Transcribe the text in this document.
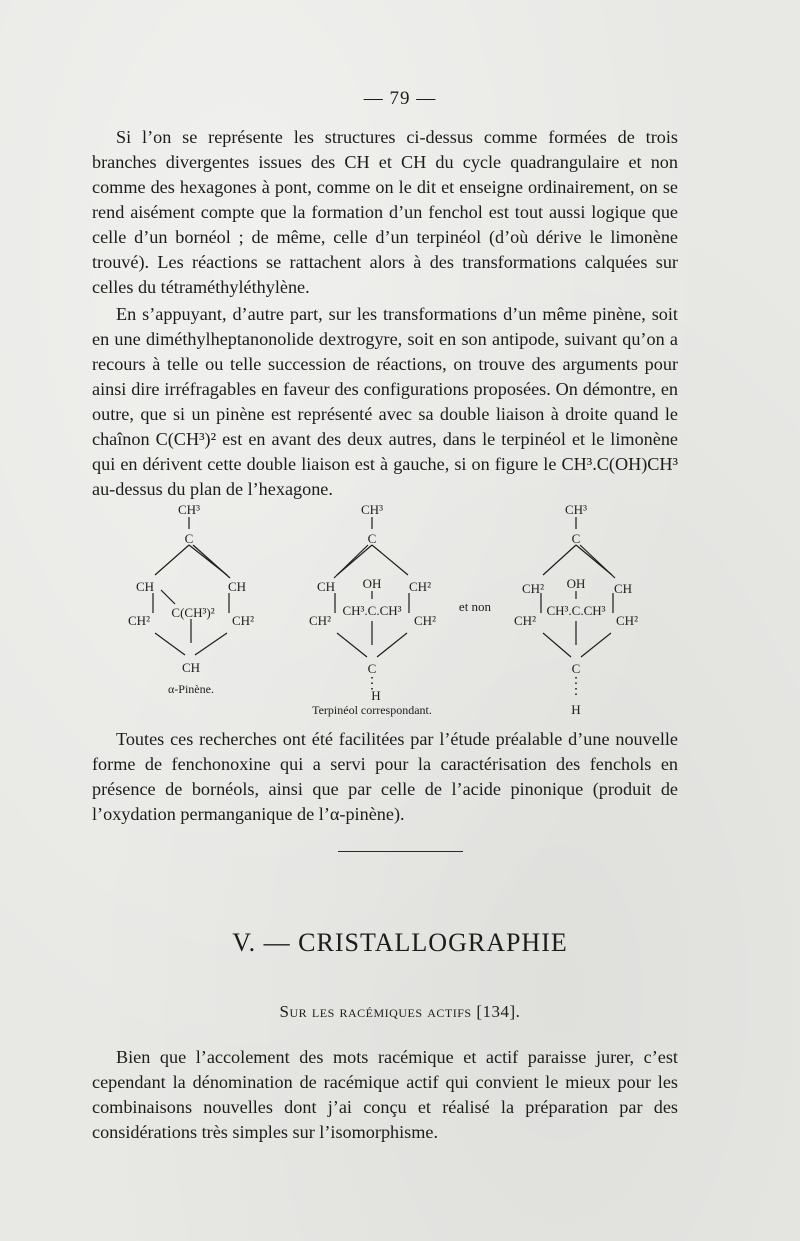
— 79 —

Si l’on se représente les structures ci-dessus comme formées de trois branches divergentes issues des CH et CH du cycle quadrangulaire et non comme des hexagones à pont, comme on le dit et enseigne ordinairement, on se rend aisément compte que la formation d’un fenchol est tout aussi logique que celle d’un bornéol ; de même, celle d’un terpinéol (d’où dérive le limonène trouvé). Les réactions se rattachent alors à des transformations calquées sur celles du tétraméthyléthylène.

En s’appuyant, d’autre part, sur les transformations d’un même pinène, soit en une diméthylheptanonolide dextrogyre, soit en son antipode, suivant qu’on a recours à telle ou telle succession de réactions, on trouve des arguments pour ainsi dire irréfragables en faveur des configurations proposées. On démontre, en outre, que si un pinène est représenté avec sa double liaison à droite quand le chaînon C(CH³)² est en avant des deux autres, dans le terpinéol et le limonène qui en dérivent cette double liaison est à gauche, si on figure le CH³.C(OH)CH³ au-dessus du plan de l’hexagone.

CH³
C
CH	CH
C(CH³)²
CH²	CH²
CH
α-Pinène.
CH³
C
CH OH CH²
CH²
CH³.C.CH³
CH²
C
H
Terpinéol correspondant.
et non
CH³
C
CH² OH CH
CH²
CH³.C.CH³
CH²
C
H

Toutes ces recherches ont été facilitées par l’étude préalable d’une nouvelle forme de fenchonoxine qui a servi pour la caractérisation des fenchols en présence de bornéols, ainsi que par celle de l’acide pinonique (produit de l’oxydation permanganique de l’α-pinène).

V. — CRISTALLOGRAPHIE
Sur les racémiques actifs [134].

Bien que l’accolement des mots racémique et actif paraisse jurer, c’est cependant la dénomination de racémique actif qui convient le mieux pour les combinaisons nouvelles dont j’ai conçu et réalisé la préparation par des considérations très simples sur l’isomorphisme.
